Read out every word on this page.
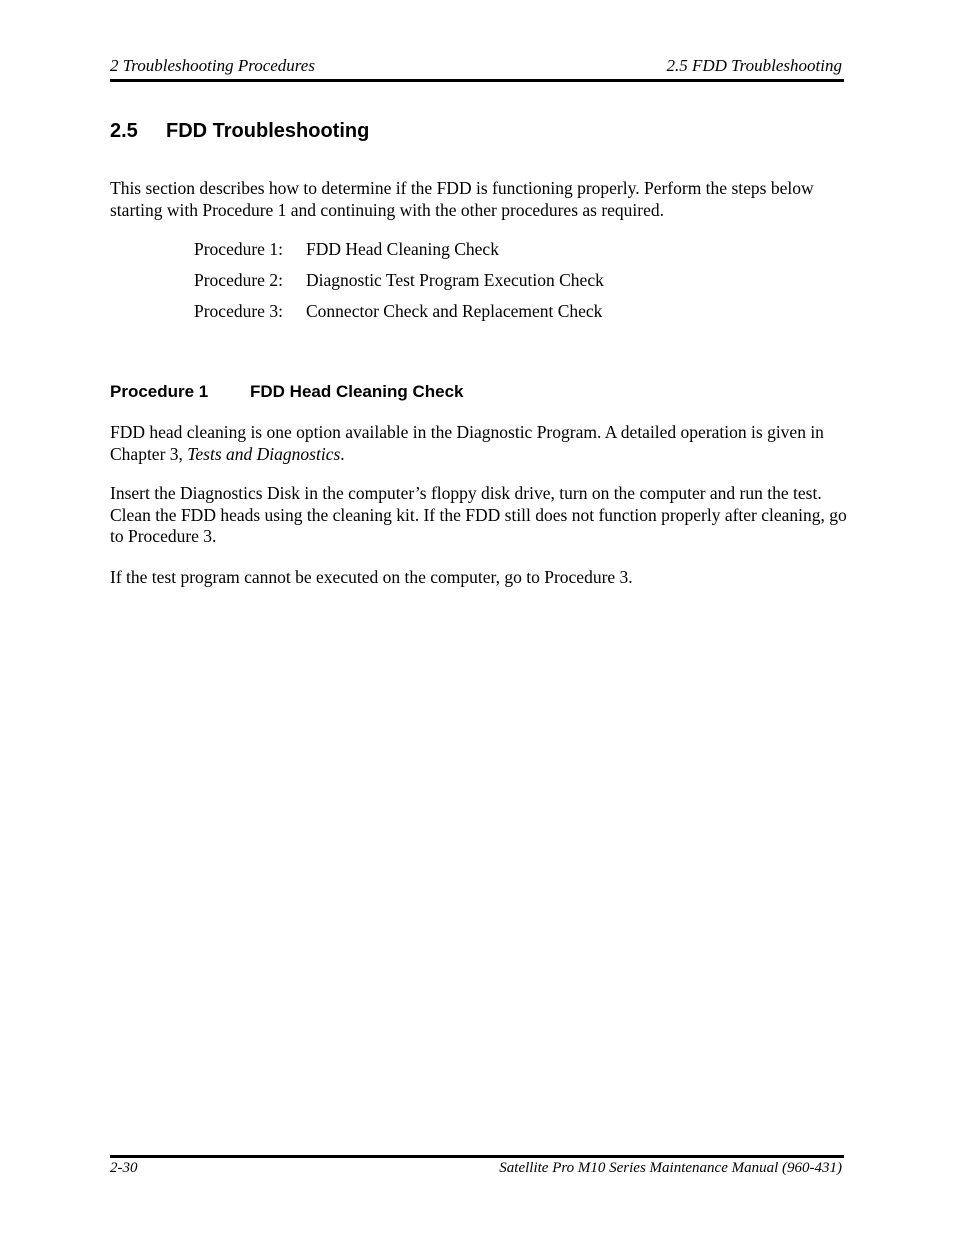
2 Troubleshooting Procedures	2.5 FDD Troubleshooting
2.5 FDD Troubleshooting
This section describes how to determine if the FDD is functioning properly. Perform the steps below starting with Procedure 1 and continuing with the other procedures as required.
Procedure 1: FDD Head Cleaning Check
Procedure 2: Diagnostic Test Program Execution Check
Procedure 3: Connector Check and Replacement Check
Procedure 1 FDD Head Cleaning Check
FDD head cleaning is one option available in the Diagnostic Program. A detailed operation is given in Chapter 3, Tests and Diagnostics.
Insert the Diagnostics Disk in the computer’s floppy disk drive, turn on the computer and run the test. Clean the FDD heads using the cleaning kit. If the FDD still does not function properly after cleaning, go to Procedure 3.
If the test program cannot be executed on the computer, go to Procedure 3.
2-30	Satellite Pro M10 Series Maintenance Manual (960-431)
